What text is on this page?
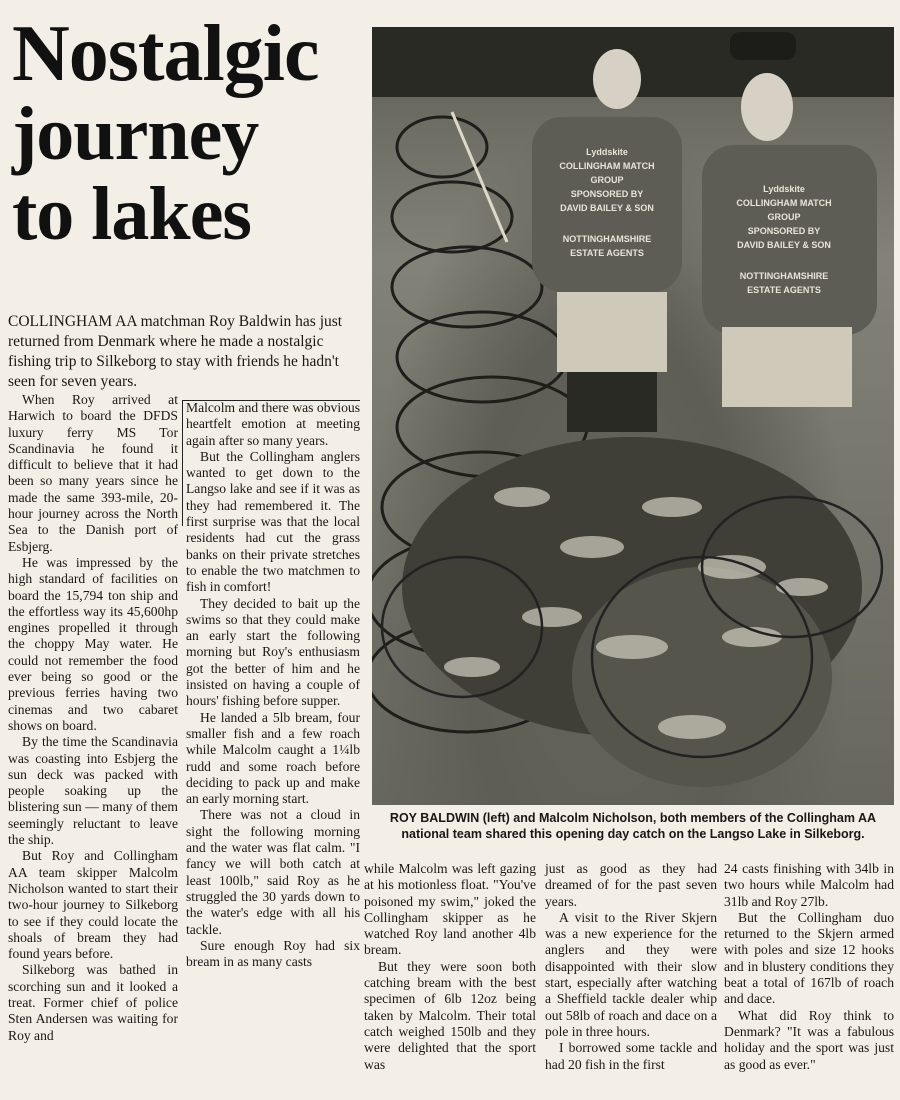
Nostalgic
journey
to lakes
Lyddskite
COLLINGHAM MATCH
GROUP
SPONSORED BY
DAVID BAILEY & SON
NOTTINGHAMSHIRE
ESTATE AGENTS
Lyddskite
COLLINGHAM MATCH
GROUP
SPONSORED BY
DAVID BAILEY & SON
NOTTINGHAMSHIRE
ESTATE AGENTS

ROY BALDWIN (left) and Malcolm Nicholson, both members of the Collingham AA national team shared this opening day catch on the Langso Lake in Silkeborg.

COLLINGHAM AA matchman Roy Baldwin has just returned from Denmark where he made a nostalgic fishing trip to Silkeborg to stay with friends he hadn't seen for seven years.

When Roy arrived at Harwich to board the DFDS luxury ferry MS Tor Scandinavia he found it difficult to believe that it had been so many years since he made the same 393-mile, 20-hour journey across the North Sea to the Danish port of Esbjerg.

He was impressed by the high standard of facilities on board the 15,794 ton ship and the effortless way its 45,600hp engines propelled it through the choppy May water. He could not remember the food ever being so good or the previous ferries having two cinemas and two cabaret shows on board.

By the time the Scandinavia was coasting into Esbjerg the sun deck was packed with people soaking up the blistering sun — many of them seemingly reluctant to leave the ship.

But Roy and Collingham AA team skipper Malcolm Nicholson wanted to start their two-hour journey to Silkeborg to see if they could locate the shoals of bream they had found years before.

Silkeborg was bathed in scorching sun and it looked a treat. Former chief of police Sten Andersen was waiting for Roy and

Malcolm and there was obvious heartfelt emotion at meeting again after so many years.

But the Collingham anglers wanted to get down to the Langso lake and see if it was as they had remembered it. The first surprise was that the local residents had cut the grass banks on their private stretches to enable the two matchmen to fish in comfort!

They decided to bait up the swims so that they could make an early start the following morning but Roy's enthusiasm got the better of him and he insisted on having a couple of hours' fishing before supper.

He landed a 5lb bream, four smaller fish and a few roach while Malcolm caught a 1¼lb rudd and some roach before deciding to pack up and make an early morning start.

There was not a cloud in sight the following morning and the water was flat calm. "I fancy we will both catch at least 100lb," said Roy as he struggled the 30 yards down to the water's edge with all his tackle.

Sure enough Roy had six bream in as many casts

while Malcolm was left gazing at his motionless float. "You've poisoned my swim," joked the Collingham skipper as he watched Roy land another 4lb bream.

But they were soon both catching bream with the best specimen of 6lb 12oz being taken by Malcolm. Their total catch weighed 150lb and they were delighted that the sport was

just as good as they had dreamed of for the past seven years.

A visit to the River Skjern was a new experience for the anglers and they were disappointed with their slow start, especially after watching a Sheffield tackle dealer whip out 58lb of roach and dace on a pole in three hours.

I borrowed some tackle and had 20 fish in the first

24 casts finishing with 34lb in two hours while Malcolm had 31lb and Roy 27lb.

But the Collingham duo returned to the Skjern armed with poles and size 12 hooks and in blustery conditions they beat a total of 167lb of roach and dace.

What did Roy think to Denmark? "It was a fabulous holiday and the sport was just as good as ever."
